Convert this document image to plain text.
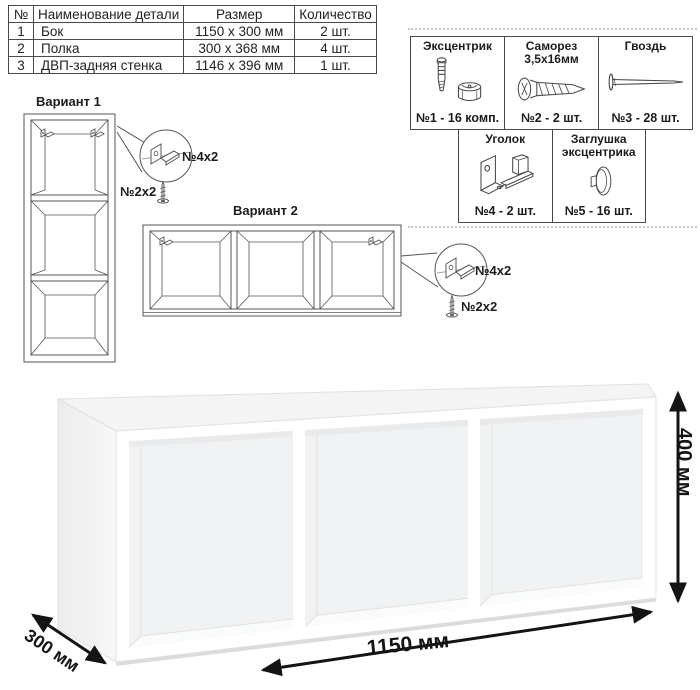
№	Наименование детали	Размер	Количество
1	Бок	1150 x 300 мм	2 шт.
2	Полка	300 x 368 мм	4 шт.
3	ДВП-задняя стенка	1146 x 396 мм	1 шт.
Эксцентрик
№1 - 16 комп.
Саморез
3,5х16мм
№2 - 2 шт.
Гвоздь
№3 - 28 шт.
Уголок
№4 - 2 шт.
Заглушка
эксцентрика
№5 - 16 шт.
Вариант 1
Вариант 2
№4х2
№2х2
№4х2
№2х2
1150 мм
400 мм
300 мм
